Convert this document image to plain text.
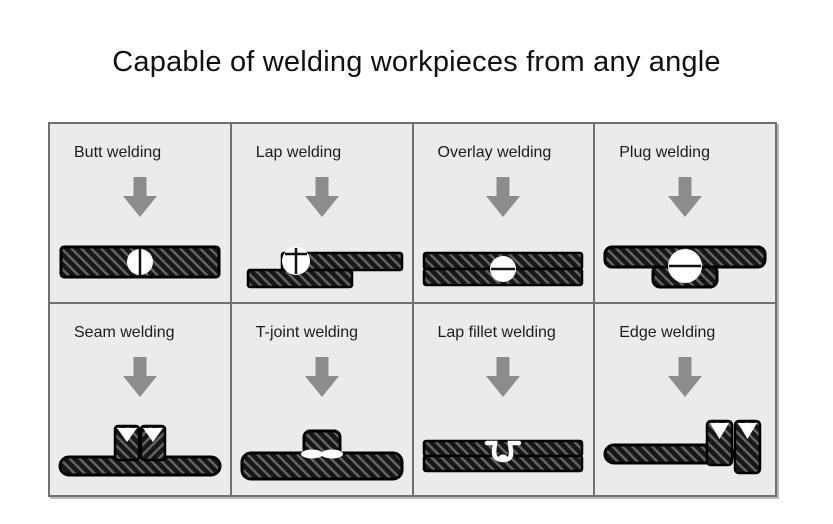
Capable of welding workpieces from any angle
Butt welding	Lap welding	Overlay welding	Plug welding
Seam welding	T-joint welding	Lap fillet welding	Edge welding
